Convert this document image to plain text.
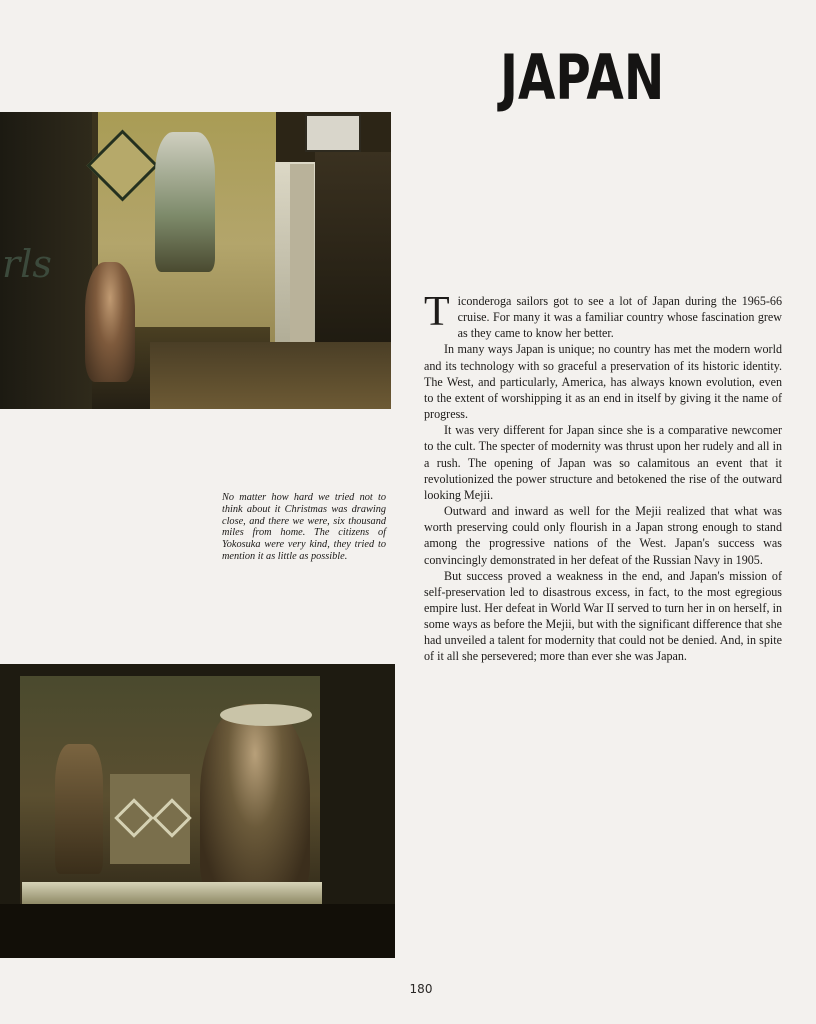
JAPAN
rls
No matter how hard we tried not to think about it Christmas was drawing close, and there we were, six thousand miles from home. The citizens of Yokosuka were very kind, they tried to mention it as little as possible.

Ticonderoga sailors got to see a lot of Japan during the 1965-66 cruise. For many it was a familiar country whose fascination grew as they came to know her better.

In many ways Japan is unique; no country has met the modern world and its technology with so graceful a preservation of its historic identity. The West, and particularly, America, has always known evolution, even to the extent of worshipping it as an end in itself by giving it the name of progress.

It was very different for Japan since she is a comparative newcomer to the cult. The specter of modernity was thrust upon her rudely and all in a rush. The opening of Japan was so calamitous an event that it revolutionized the power structure and betokened the rise of the outward looking Mejii.

Outward and inward as well for the Mejii realized that what was worth preserving could only flourish in a Japan strong enough to stand among the progressive nations of the West. Japan's success was convincingly demonstrated in her defeat of the Russian Navy in 1905.

But success proved a weakness in the end, and Japan's mission of self-preservation led to disastrous excess, in fact, to the most egregious empire lust. Her defeat in World War II served to turn her in on herself, in some ways as before the Mejii, but with the significant difference that she had unveiled a talent for modernity that could not be denied. And, in spite of it all she persevered; more than ever she was Japan.

180
